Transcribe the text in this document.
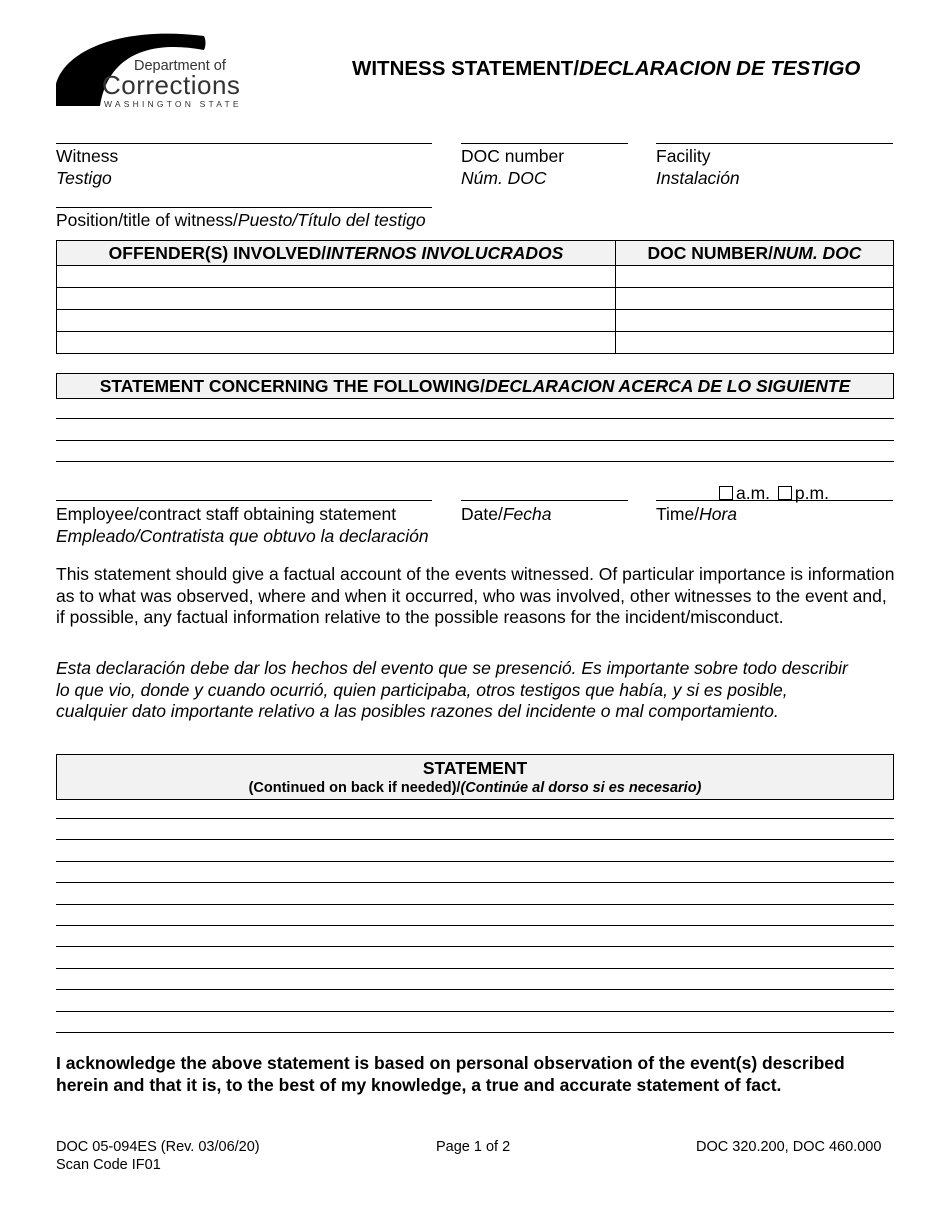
Department of
Corrections
WASHINGTON STATE
WITNESS STATEMENT/DECLARACION DE TESTIGO
Witness
Testigo
DOC number
Núm. DOC
Facility
Instalación
Position/title of witness/Puesto/Título del testigo
OFFENDER(S) INVOLVED/INTERNOS INVOLUCRADOS	DOC NUMBER/NUM. DOC

STATEMENT CONCERNING THE FOLLOWING/DECLARACION ACERCA DE LO SIGUIENTE
a.m. p.m.
Employee/contract staff obtaining statement
Empleado/Contratista que obtuvo la declaración
Date/Fecha	Time/Hora
This statement should give a factual account of the events witnessed. Of particular importance is information as to what was observed, where and when it occurred, who was involved, other witnesses to the event and, if possible, any factual information relative to the possible reasons for the incident/misconduct.
Esta declaración debe dar los hechos del evento que se presenció. Es importante sobre todo describir lo que vio, donde y cuando ocurrió, quien participaba, otros testigos que había, y si es posible, cualquier dato importante relativo a las posibles razones del incidente o mal comportamiento.
STATEMENT
(Continued on back if needed)/(Continúe al dorso si es necesario)
I acknowledge the above statement is based on personal observation of the event(s) described herein and that it is, to the best of my knowledge, a true and accurate statement of fact.
DOC 05-094ES (Rev. 03/06/20)
Scan Code IF01
Page 1 of 2	DOC 320.200, DOC 460.000
